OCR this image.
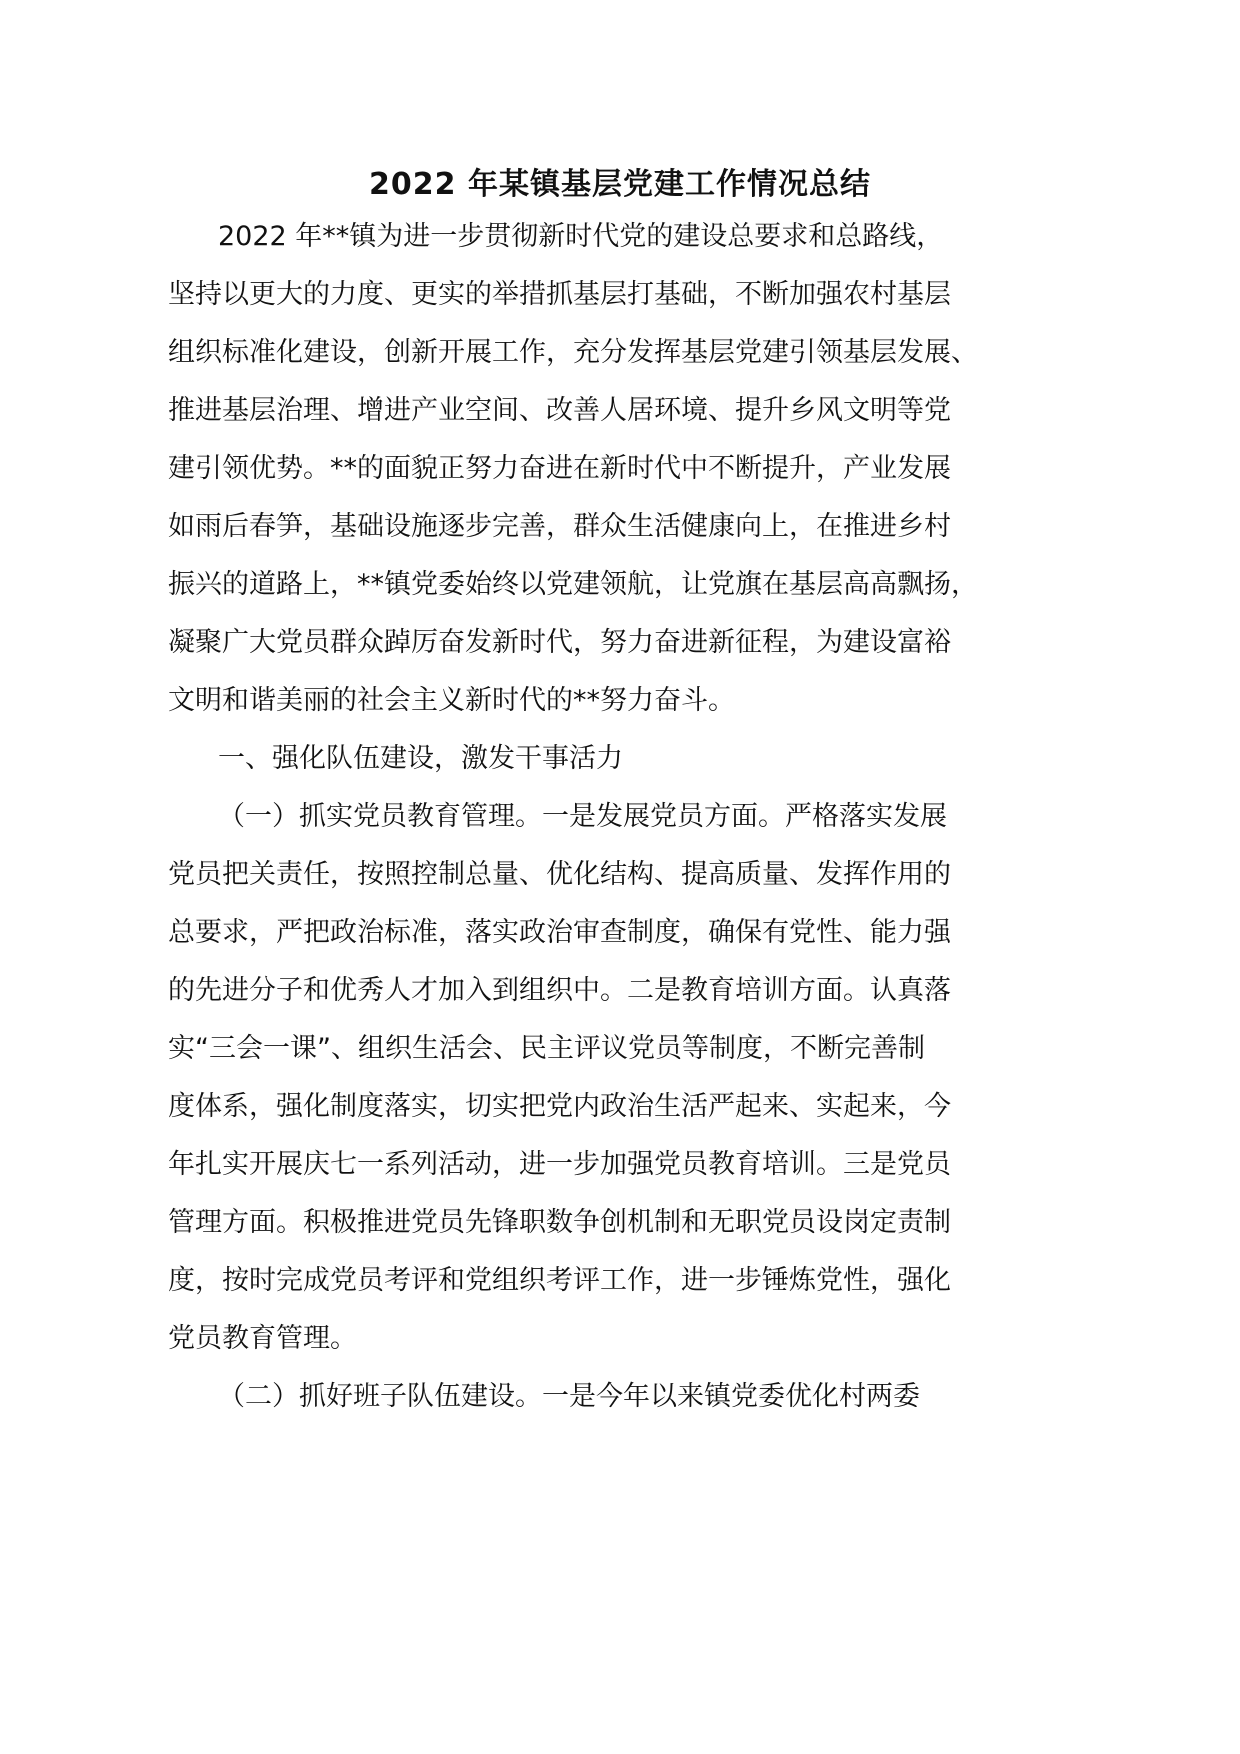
2022 年某镇基层党建工作情况总结
2022 年**镇为进一步贯彻新时代党的建设总要求和总路线，
坚持以更大的力度、更实的举措抓基层打基础，不断加强农村基层
组织标准化建设，创新开展工作，充分发挥基层党建引领基层发展、
推进基层治理、增进产业空间、改善人居环境、提升乡风文明等党
建引领优势。**的面貌正努力奋进在新时代中不断提升，产业发展
如雨后春笋，基础设施逐步完善，群众生活健康向上，在推进乡村
振兴的道路上，**镇党委始终以党建领航，让党旗在基层高高飘扬，
凝聚广大党员群众踔厉奋发新时代，努力奋进新征程，为建设富裕
文明和谐美丽的社会主义新时代的**努力奋斗。
一、强化队伍建设，激发干事活力
（一）抓实党员教育管理。一是发展党员方面。严格落实发展
党员把关责任，按照控制总量、优化结构、提高质量、发挥作用的
总要求，严把政治标准，落实政治审查制度，确保有党性、能力强
的先进分子和优秀人才加入到组织中。二是教育培训方面。认真落
实“三会一课”、组织生活会、民主评议党员等制度，不断完善制
度体系，强化制度落实，切实把党内政治生活严起来、实起来，今
年扎实开展庆七一系列活动，进一步加强党员教育培训。三是党员
管理方面。积极推进党员先锋职数争创机制和无职党员设岗定责制
度，按时完成党员考评和党组织考评工作，进一步锤炼党性，强化
党员教育管理。
（二）抓好班子队伍建设。一是今年以来镇党委优化村两委
